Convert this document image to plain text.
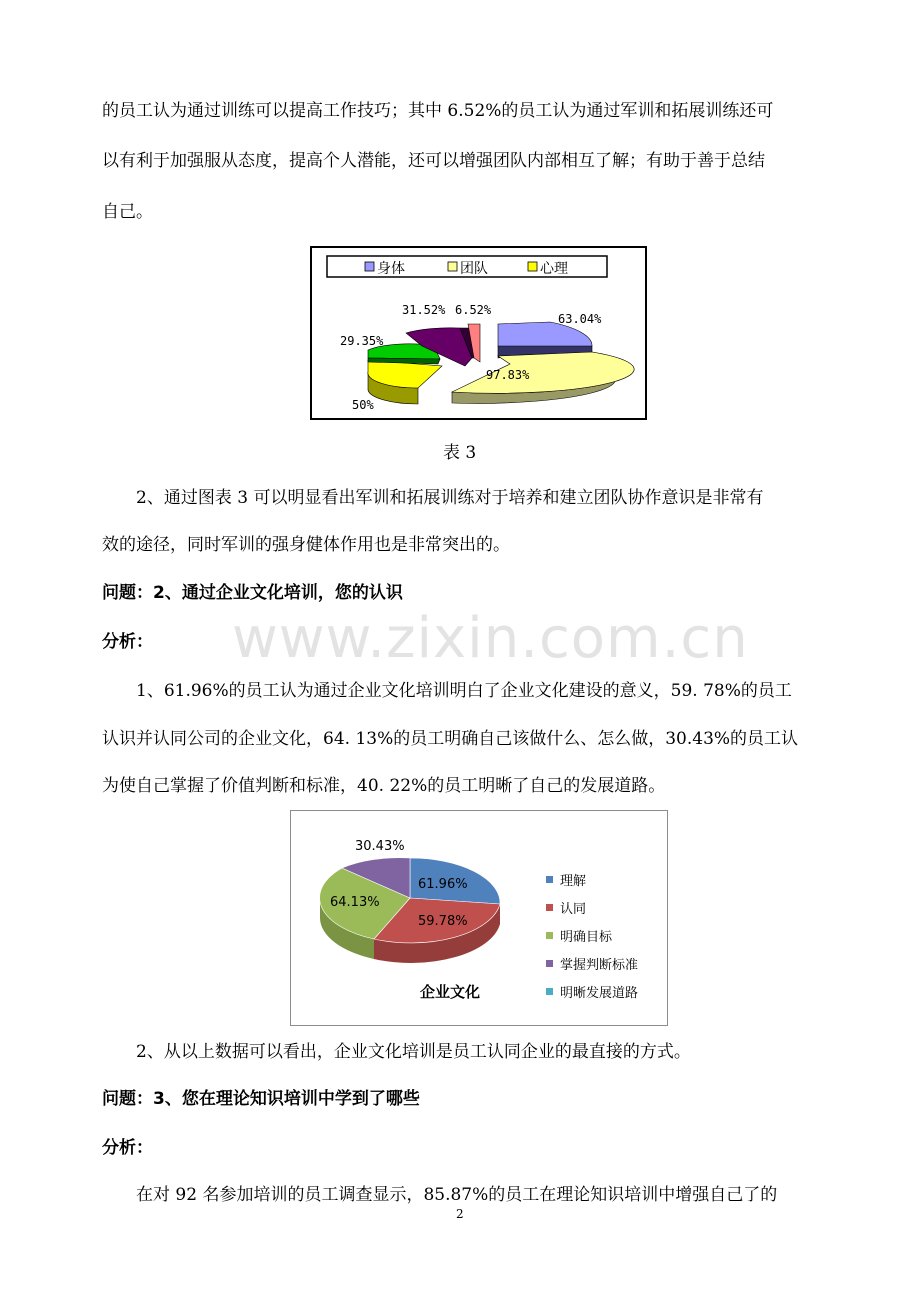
的员工认为通过训练可以提高工作技巧；其中 6.52%的员工认为通过军训和拓展训练还可
以有利于加强服从态度，提高个人潜能，还可以增强团队内部相互了解；有助于善于总结
自己。
身体	团队	心理
63.04%
97.83%
50%
29.35%
31.52% 6.52%
表 3
2、通过图表 3 可以明显看出军训和拓展训练对于培养和建立团队协作意识是非常有
效的途径，同时军训的强身健体作用也是非常突出的。
问题：2、通过企业文化培训，您的认识
www.zixin.com.cn
分析：
1、61.96%的员工认为通过企业文化培训明白了企业文化建设的意义，59. 78%的员工
认识并认同公司的企业文化，64. 13%的员工明确自己该做什么、怎么做，30.43%的员工认
为使自己掌握了价值判断和标准，40. 22%的员工明晰了自己的发展道路。
61.96%
59.78%
64.13%
30.43%
企业文化
理解
认同
明确目标
掌握判断标准
明晰发展道路
2、从以上数据可以看出，企业文化培训是员工认同企业的最直接的方式。
问题：3、您在理论知识培训中学到了哪些
分析：
在对 92 名参加培训的员工调查显示，85.87%的员工在理论知识培训中增强自己了的
2
